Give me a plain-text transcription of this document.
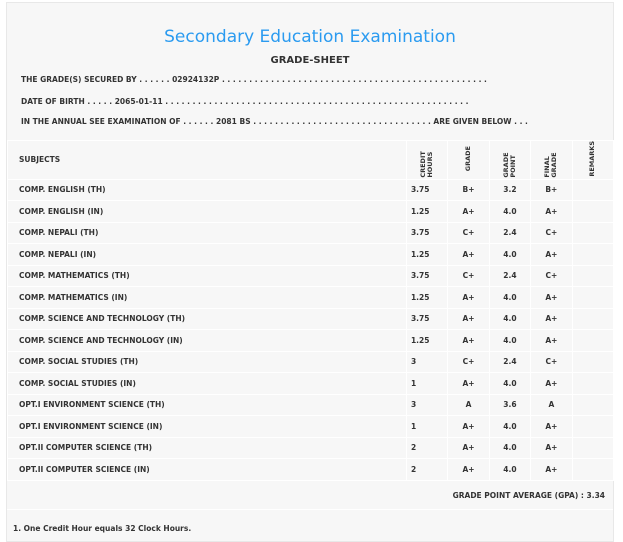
Secondary Education Examination
GRADE-SHEET
THE GRADE(S) SECURED BY . . . . . . 02924132P . . . . . . . . . . . . . . . . . . . . . . . . . . . . . . . . . . . . . . . . . . . . . . . . .
DATE OF BIRTH . . . . . 2065-01-11 . . . . . . . . . . . . . . . . . . . . . . . . . . . . . . . . . . . . . . . . . . . . . . . . . . . . . . . .
IN THE ANNUAL SEE EXAMINATION OF . . . . . . 2081 BS . . . . . . . . . . . . . . . . . . . . . . . . . . . . . . . . . ARE GIVEN BELOW . . .
SUBJECTS	CREDIT HOURS	GRADE	GRADE POINT	FINAL GRADE	REMARKS
COMP. ENGLISH (TH)	3.75	B+	3.2	B+	
COMP. ENGLISH (IN)	1.25	A+	4.0	A+	
COMP. NEPALI (TH)	3.75	C+	2.4	C+	
COMP. NEPALI (IN)	1.25	A+	4.0	A+	
COMP. MATHEMATICS (TH)	3.75	C+	2.4	C+	
COMP. MATHEMATICS (IN)	1.25	A+	4.0	A+	
COMP. SCIENCE AND TECHNOLOGY (TH)	3.75	A+	4.0	A+	
COMP. SCIENCE AND TECHNOLOGY (IN)	1.25	A+	4.0	A+	
COMP. SOCIAL STUDIES (TH)	3	C+	2.4	C+	
COMP. SOCIAL STUDIES (IN)	1	A+	4.0	A+	
OPT.I ENVIRONMENT SCIENCE (TH)	3	A	3.6	A	
OPT.I ENVIRONMENT SCIENCE (IN)	1	A+	4.0	A+	
OPT.II COMPUTER SCIENCE (TH)	2	A+	4.0	A+	
OPT.II COMPUTER SCIENCE (IN)	2	A+	4.0	A+	
GRADE POINT AVERAGE (GPA) : 3.34
1. One Credit Hour equals 32 Clock Hours.
